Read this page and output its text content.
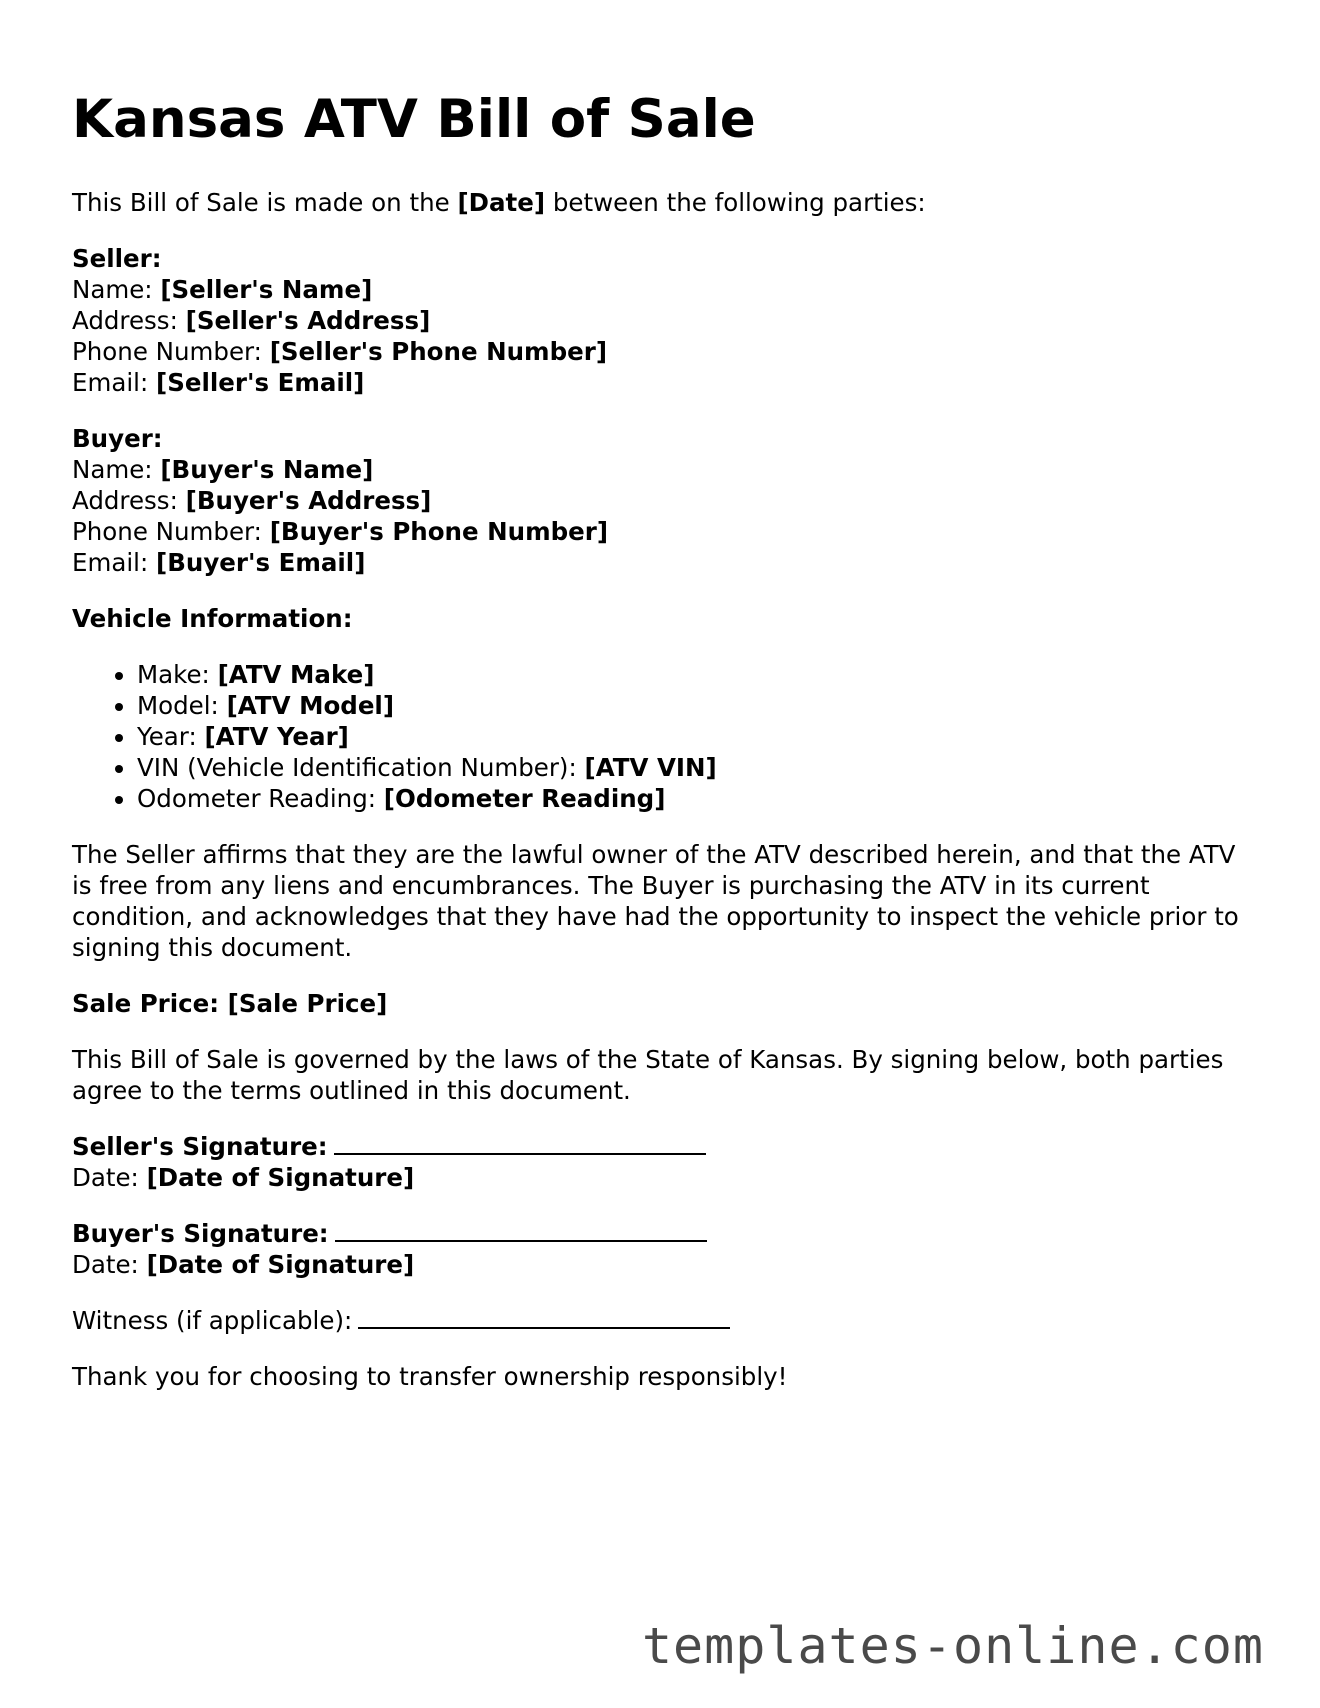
Kansas ATV Bill of Sale

This Bill of Sale is made on the [Date] between the following parties:

Seller:
Name: [Seller's Name]
Address: [Seller's Address]
Phone Number: [Seller's Phone Number]
Email: [Seller's Email]
Buyer:
Name: [Buyer's Name]
Address: [Buyer's Address]
Phone Number: [Buyer's Phone Number]
Email: [Buyer's Email]

Vehicle Information:

• Make: [ATV Make]
• Model: [ATV Model]
• Year: [ATV Year]
• VIN (Vehicle Identification Number): [ATV VIN]
• Odometer Reading: [Odometer Reading]

The Seller affirms that they are the lawful owner of the ATV described herein, and that the ATV is free from any liens and encumbrances. The Buyer is purchasing the ATV in its current condition, and acknowledges that they have had the opportunity to inspect the vehicle prior to signing this document.

Sale Price: [Sale Price]

This Bill of Sale is governed by the laws of the State of Kansas. By signing below, both parties agree to the terms outlined in this document.

Seller's Signature:
Date: [Date of Signature]
Buyer's Signature:
Date: [Date of Signature]

Witness (if applicable):

Thank you for choosing to transfer ownership responsibly!

templates-online.com
